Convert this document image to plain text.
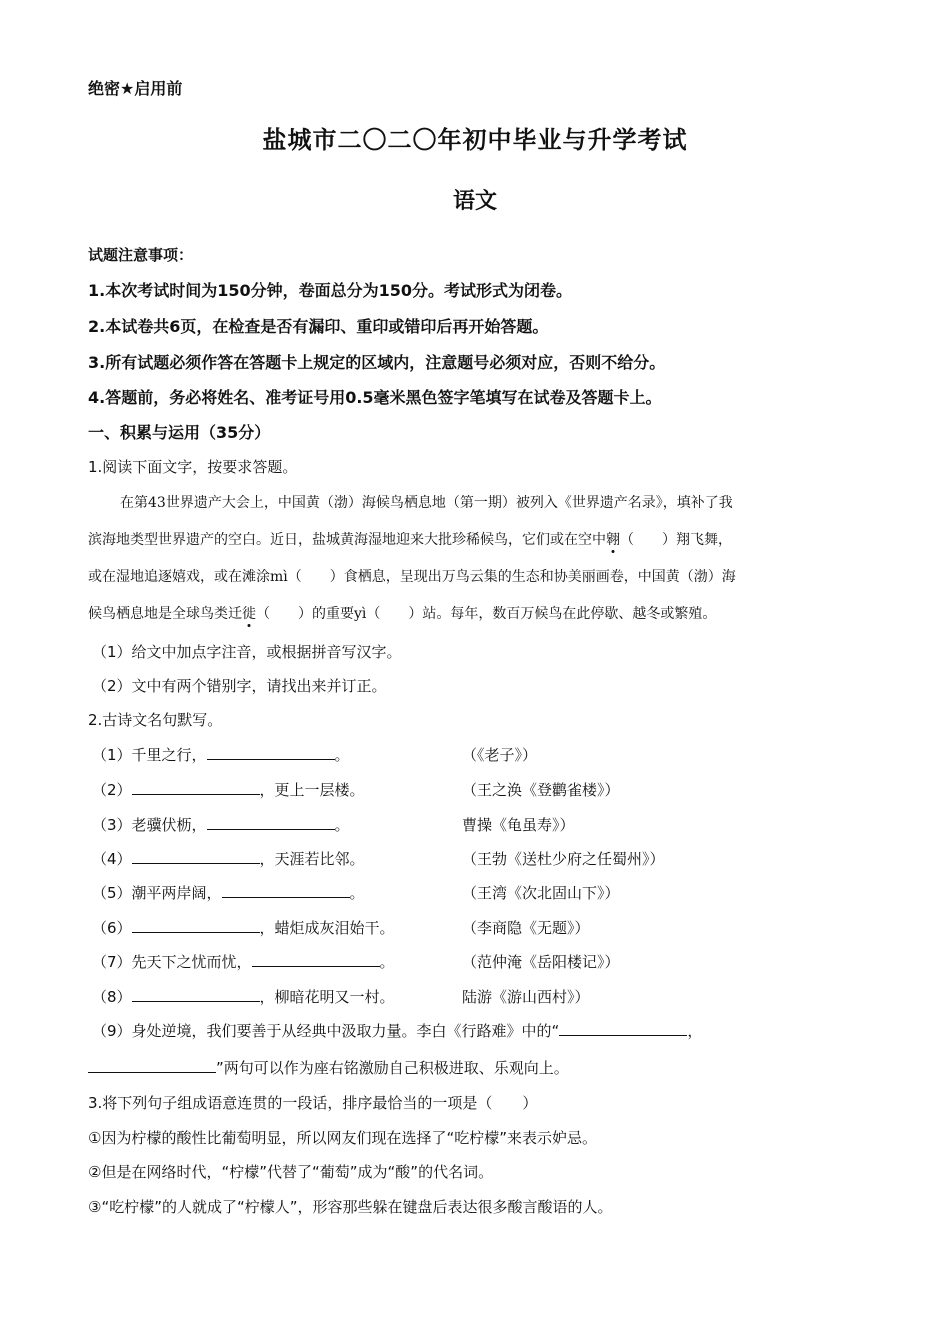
绝密★启用前
盐城市二〇二〇年初中毕业与升学考试
语文
试题注意事项：
1.本次考试时间为150分钟，卷面总分为150分。考试形式为闭卷。
2.本试卷共6页，在检查是否有漏印、重印或错印后再开始答题。
3.所有试题必须作答在答题卡上规定的区域内，注意题号必须对应，否则不给分。
4.答题前，务必将姓名、准考证号用0.5毫米黑色签字笔填写在试卷及答题卡上。
一、积累与运用（35分）
1.阅读下面文字，按要求答题。
在第43世界遗产大会上，中国黄（渤）海候鸟栖息地（第一期）被列入《世界遗产名录》，填补了我
滨海地类型世界遗产的空白。近日，盐城黄海湿地迎来大批珍稀候鸟，它们或在空中翱（　　）翔飞舞，
或在湿地追逐嬉戏，或在滩涂mì（　　）食栖息，呈现出万鸟云集的生态和协美丽画卷，中国黄（渤）海
候鸟栖息地是全球鸟类迁徙（　　）的重要yì（　　）站。每年，数百万候鸟在此停歇、越冬或繁殖。
（1）给文中加点字注音，或根据拼音写汉字。
（2）文中有两个错别字，请找出来并订正。
2.古诗文名句默写。
（1）千里之行，	。	（《老子》）
（2）	，更上一层楼。	（王之涣《登鹳雀楼》）
（3）老骥伏枥，	。	曹操《龟虽寿》）
（4）	，天涯若比邻。	（王勃《送杜少府之任蜀州》）
（5）潮平两岸阔，	。	（王湾《次北固山下》）
（6）	，蜡炬成灰泪始干。	（李商隐《无题》）
（7）先天下之忧而忧，	。	（范仲淹《岳阳楼记》）
（8）	，柳暗花明又一村。	陆游《游山西村》）
（9）身处逆境，我们要善于从经典中汲取力量。李白《行路难》中的“	，
”两句可以作为座右铭激励自己积极进取、乐观向上。
3.将下列句子组成语意连贯的一段话，排序最恰当的一项是（　　）
①因为柠檬的酸性比葡萄明显，所以网友们现在选择了“吃柠檬”来表示妒忌。
②但是在网络时代，“柠檬”代替了“葡萄”成为“酸”的代名词。
③“吃柠檬”的人就成了“柠檬人”，形容那些躲在键盘后表达很多酸言酸语的人。
